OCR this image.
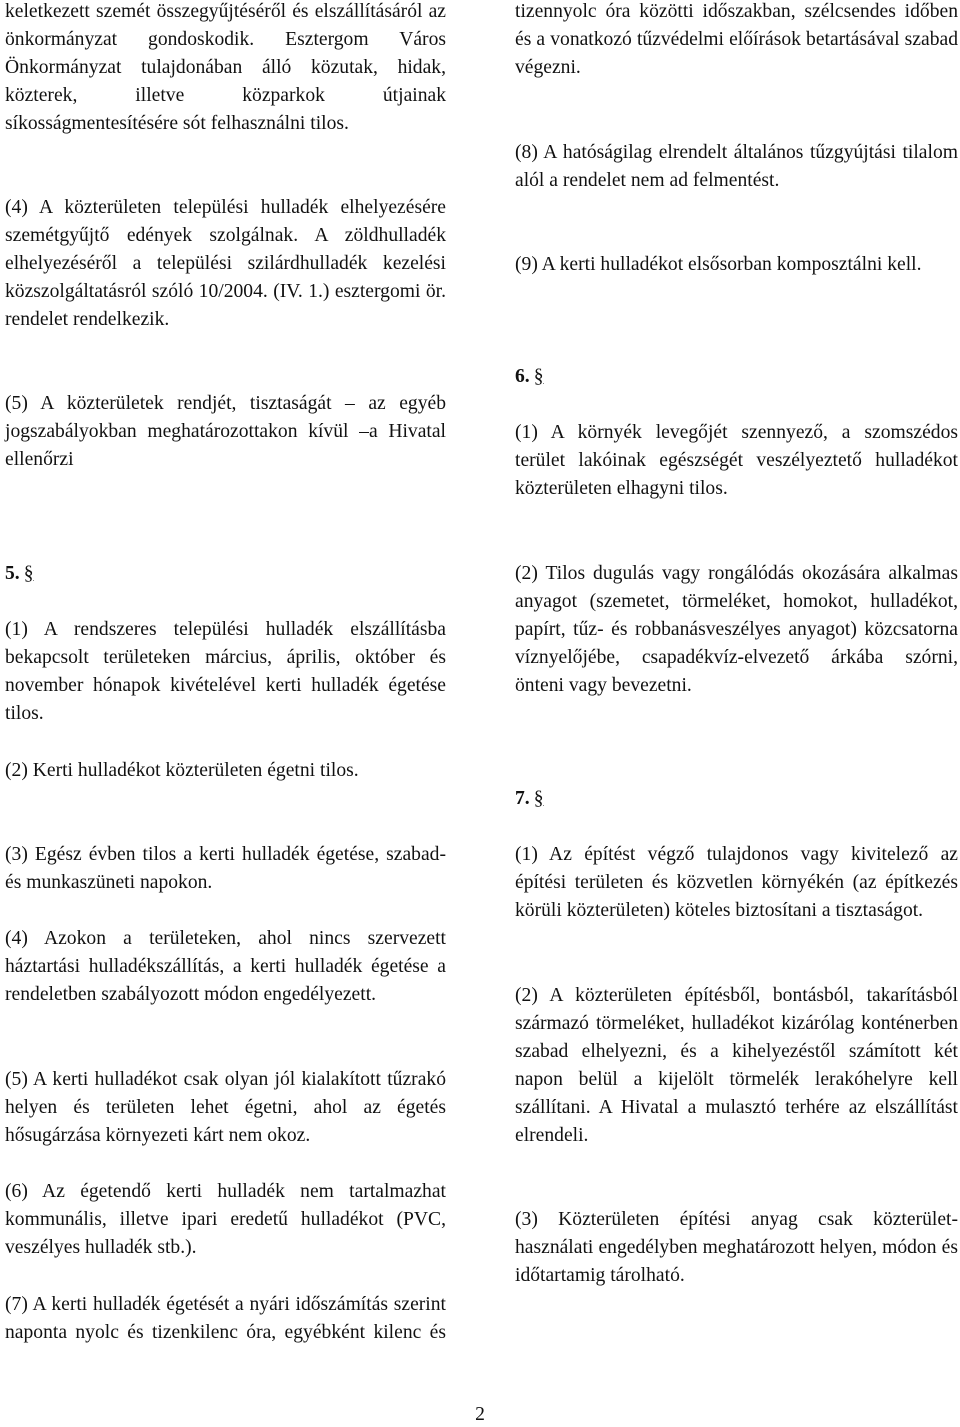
keletkezett szemét összegyűjtéséről és elszállításáról az önkormányzat gondoskodik. Esztergom Város Önkormányzat tulajdonában álló közutak, hidak, közterek, illetve közparkok útjainak síkosságmentesítésére sót felhasználni tilos.

(4) A közterületen települési hulladék elhelyezésére szemétgyűjtő edények szolgálnak. A zöldhulladék elhelyezéséről a települési szilárdhulladék kezelési közszolgáltatásról szóló 10/2004. (IV. 1.) esztergomi ör. rendelet rendelkezik.

(5) A közterületek rendjét, tisztaságát – az egyéb jogszabályokban meghatározottakon kívül –a Hivatal ellenőrzi

5. §

(1) A rendszeres települési hulladék elszállításba bekapcsolt területeken március, április, október és november hónapok kivételével kerti hulladék égetése tilos.

(2) Kerti hulladékot közterületen égetni tilos.

(3) Egész évben tilos a kerti hulladék égetése, szabad- és munkaszüneti napokon.

(4) Azokon a területeken, ahol nincs szervezett háztartási hulladékszállítás, a kerti hulladék égetése a rendeletben szabályozott módon engedélyezett.

(5) A kerti hulladékot csak olyan jól kialakított tűzrakó helyen és területen lehet égetni, ahol az égetés hősugárzása környezeti kárt nem okoz.

(6) Az égetendő kerti hulladék nem tartalmazhat kommunális, illetve ipari eredetű hulladékot (PVC, veszélyes hulladék stb.).

(7) A kerti hulladék égetését a nyári időszámítás szerint naponta nyolc és tizenkilenc óra, egyébként kilenc és

tizennyolc óra közötti időszakban, szélcsendes időben és a vonatkozó tűzvédelmi előírások betartásával szabad végezni.

(8) A hatóságilag elrendelt általános tűzgyújtási tilalom alól a rendelet nem ad felmentést.

(9) A kerti hulladékot elsősorban komposztálni kell.

6. §

(1) A környék levegőjét szennyező, a szomszédos terület lakóinak egészségét veszélyeztető hulladékot közterületen elhagyni tilos.

(2) Tilos dugulás vagy rongálódás okozására alkalmas anyagot (szemetet, törmeléket, homokot, hulladékot, papírt, tűz- és robbanásveszélyes anyagot) közcsatorna víznyelőjébe, csapadékvíz-elvezető árkába szórni, önteni vagy bevezetni.

7. §

(1) Az építést végző tulajdonos vagy kivitelező az építési területen és közvetlen környékén (az építkezés körüli közterületen) köteles biztosítani a tisztaságot.

(2) A közterületen építésből, bontásból, takarításból származó törmeléket, hulladékot kizárólag konténerben szabad elhelyezni, és a kihelyezéstől számított két napon belül a kijelölt törmelék lerakóhelyre kell szállítani. A Hivatal a mulasztó terhére az elszállítást elrendeli.

(3) Közterületen építési anyag csak közterület-használati engedélyben meghatározott helyen, módon és időtartamig tárolható.

2
